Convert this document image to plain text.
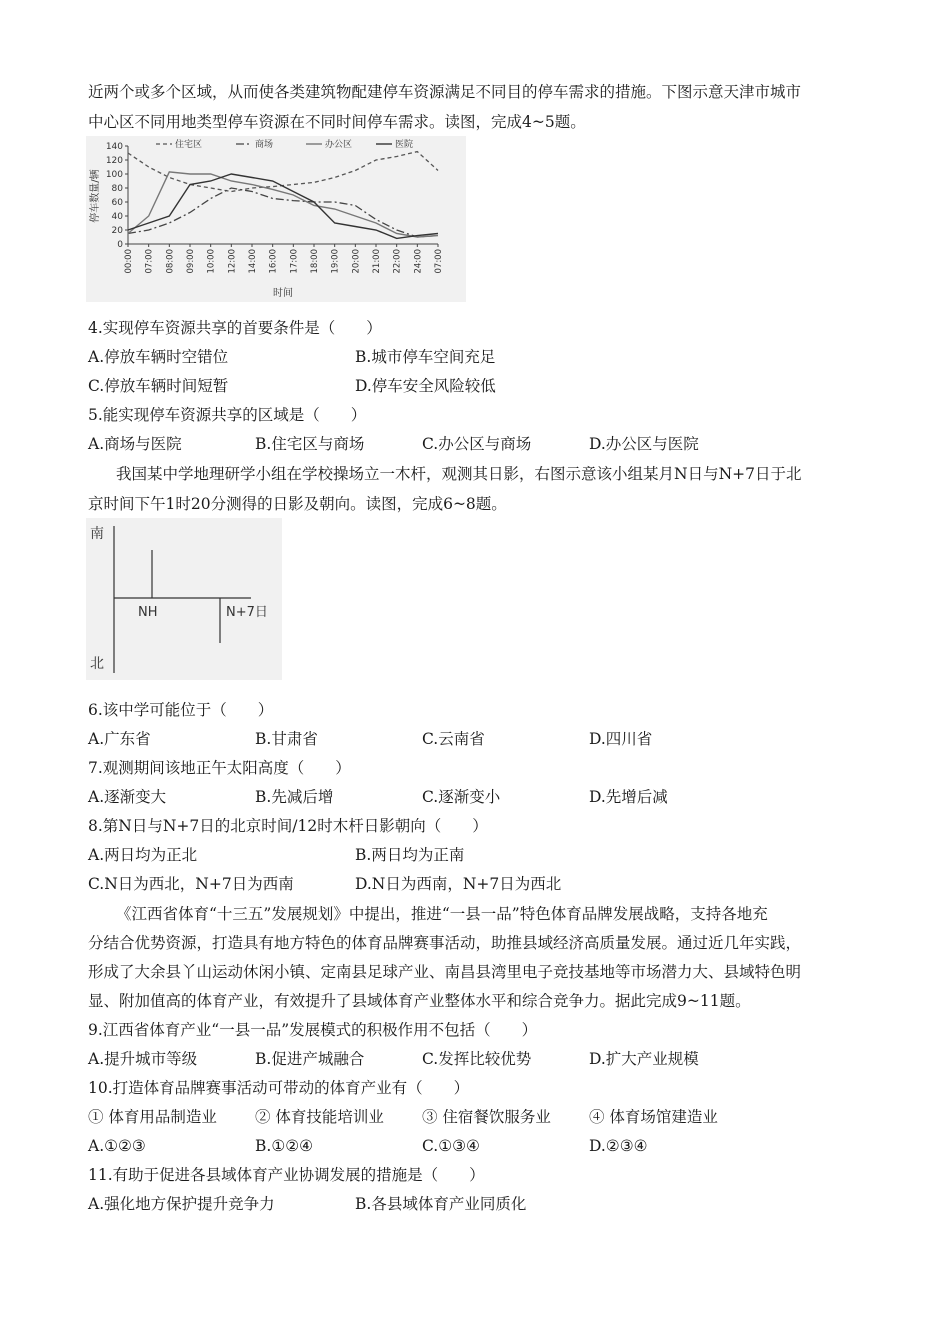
近两个或多个区域，从而使各类建筑物配建停车资源满足不同目的停车需求的措施。下图示意天津市城市
中心区不同用地类型停车资源在不同时间停车需求。读图，完成4~5题。
0
20
40
60
80
100
120
140
停车数量/辆
00:00 07:00 08:00 09:00 10:00 12:00 14:00 16:00 17:00 18:00 19:00 20:00 21:00 22:00 24:00 07:00
时间
住宅区	商场	办公区	医院
4.实现停车资源共享的首要条件是（　　）
A.停放车辆时空错位	B.城市停车空间充足
C.停放车辆时间短暂	D.停车安全风险较低
5.能实现停车资源共享的区域是（　　）
A.商场与医院	B.住宅区与商场	C.办公区与商场	D.办公区与医院
我国某中学地理研学小组在学校操场立一木杆，观测其日影，右图示意该小组某月N日与N+7日于北
京时间下午1时20分测得的日影及朝向。读图，完成6~8题。
南
北
NH	N+7日
6.该中学可能位于（　　）
A.广东省	B.甘肃省	C.云南省	D.四川省
7.观测期间该地正午太阳高度（　　）
A.逐渐变大	B.先减后增	C.逐渐变小	D.先增后减
8.第N日与N+7日的北京时间/12时木杆日影朝向（　　）
A.两日均为正北	B.两日均为正南
C.N日为西北，N+7日为西南	D.N日为西南，N+7日为西北
《江西省体育“十三五”发展规划》中提出，推进“一县一品”特色体育品牌发展战略，支持各地充
分结合优势资源，打造具有地方特色的体育品牌赛事活动，助推县域经济高质量发展。通过近几年实践，
形成了大余县丫山运动休闲小镇、定南县足球产业、南昌县湾里电子竞技基地等市场潜力大、县域特色明
显、附加值高的体育产业，有效提升了县域体育产业整体水平和综合竞争力。据此完成9~11题。
9.江西省体育产业“一县一品”发展模式的积极作用不包括（　　）
A.提升城市等级	B.促进产城融合	C.发挥比较优势	D.扩大产业规模
10.打造体育品牌赛事活动可带动的体育产业有（　　）
① 体育用品制造业 ② 体育技能培训业 ③ 住宿餐饮服务业 ④ 体育场馆建造业
A.①②③	B.①②④	C.①③④	D.②③④
11.有助于促进各县域体育产业协调发展的措施是（　　）
A.强化地方保护提升竞争力	B.各县域体育产业同质化
